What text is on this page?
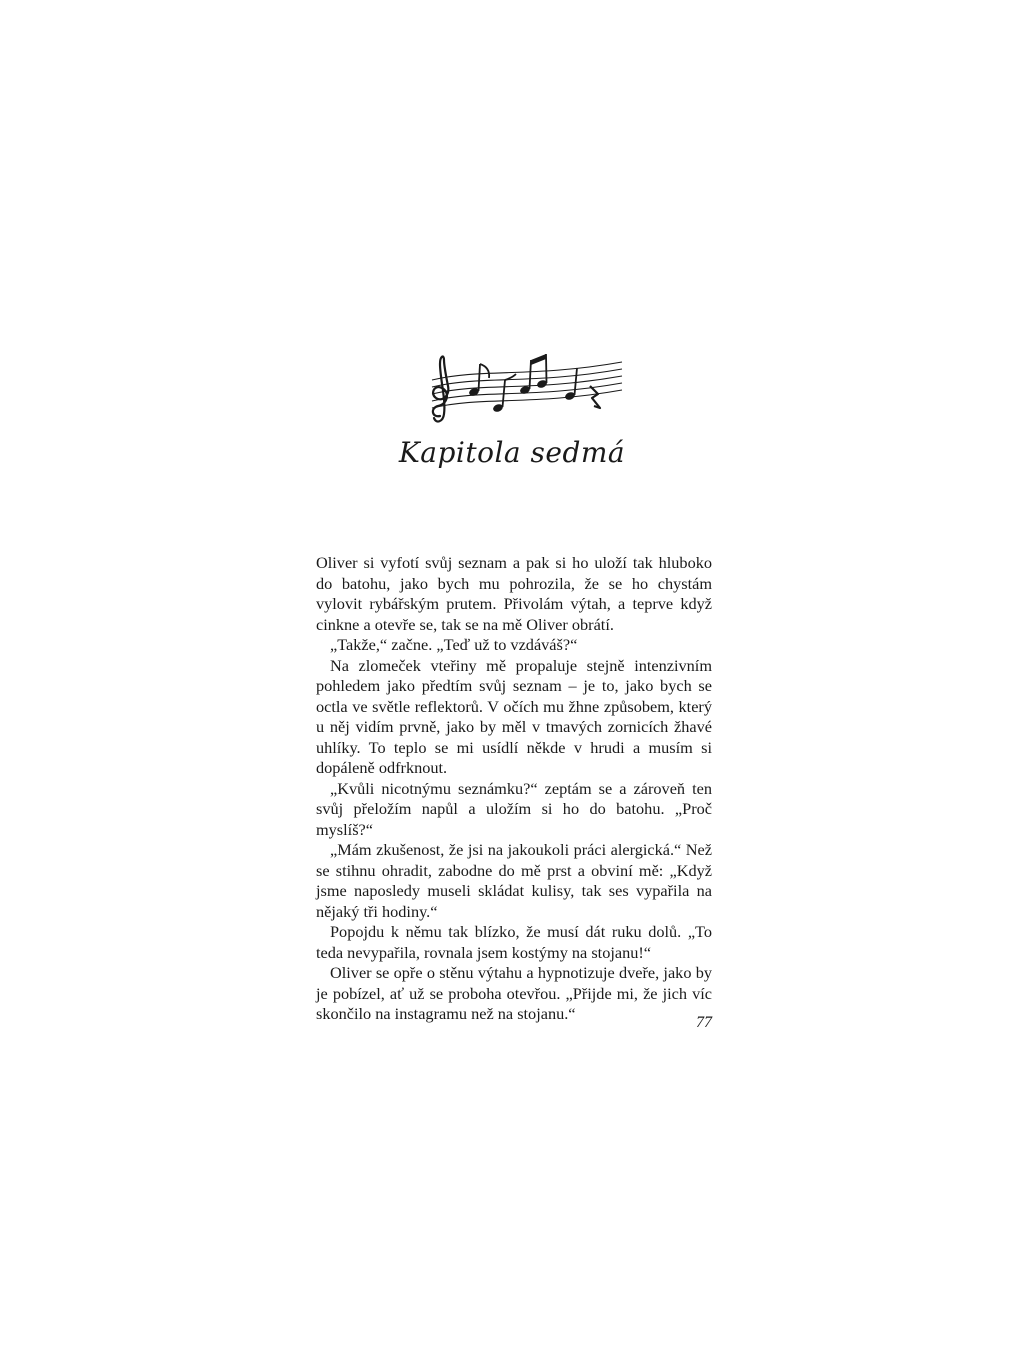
Kapitola sedmá

Oliver si vyfotí svůj seznam a pak si ho uloží tak hluboko do batohu, jako bych mu pohrozila, že se ho chystám vylovit rybářským prutem. Přivolám výtah, a teprve když cinkne a otevře se, tak se na mě Oliver obrátí.

„Takže,“ začne. „Teď už to vzdáváš?“

Na zlomeček vteřiny mě propaluje stejně intenzivním pohledem jako předtím svůj seznam – je to, jako bych se octla ve světle reflektorů. V očích mu žhne způsobem, který u něj vidím prvně, jako by měl v tmavých zornicích žhavé uhlíky. To teplo se mi usídlí někde v hrudi a musím si dopáleně odfrknout.

„Kvůli nicotnýmu seznámku?“ zeptám se a zároveň ten svůj přeložím napůl a uložím si ho do batohu. „Proč myslíš?“

„Mám zkušenost, že jsi na jakoukoli práci alergická.“ Než se stihnu ohradit, zabodne do mě prst a obviní mě: „Když jsme naposledy museli skládat kulisy, tak ses vypařila na nějaký tři hodiny.“

Popojdu k němu tak blízko, že musí dát ruku dolů. „To teda nevypařila, rovnala jsem kostýmy na stojanu!“

Oliver se opře o stěnu výtahu a hypnotizuje dveře, jako by je pobízel, ať už se proboha otevřou. „Přijde mi, že jich víc skončilo na instagramu než na stojanu.“	77
